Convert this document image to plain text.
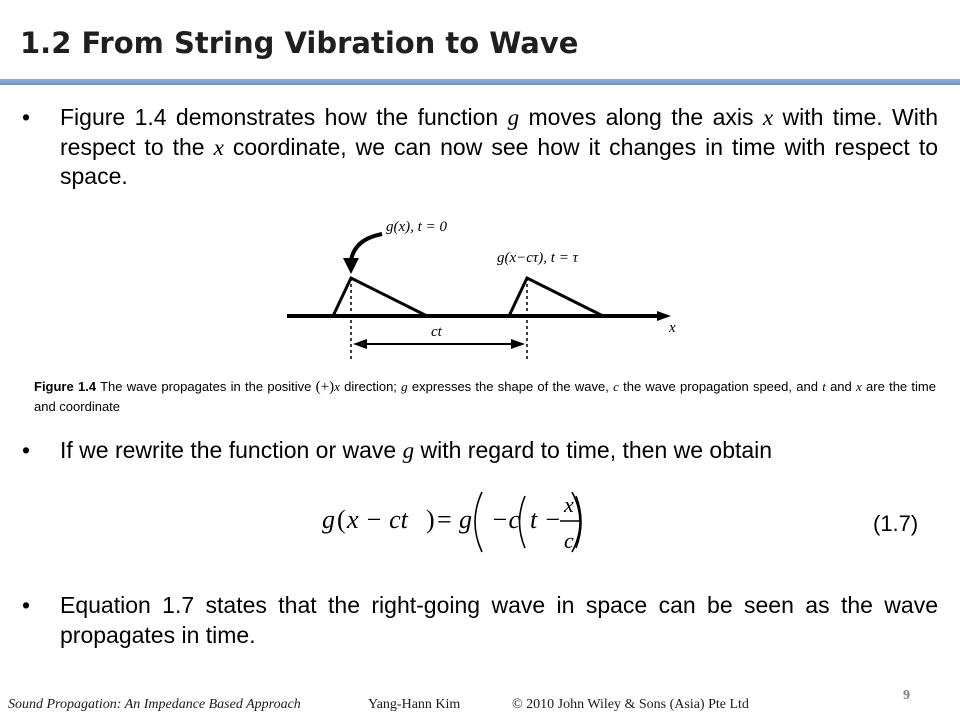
1.2 From String Vibration to Wave
• Figure 1.4 demonstrates how the function g moves along the axis x with time. With respect to the x coordinate, we can now see how it changes in time with respect to space.
x
g(x), t = 0
g(x−cτ), t = τ
ct
Figure 1.4 The wave propagates in the positive (+)x direction; g expresses the shape of the wave, c the wave propagation speed, and t and x are the time and coordinate
• If we rewrite the function or wave g with regard to time, then we obtain
g ( x − ct ) = g −c t −
x
c
(1.7)
• Equation 1.7 states that the right-going wave in space can be seen as the wave propagates in time.
Sound Propagation: An Impedance Based Approach	Yang-Hann Kim	© 2010 John Wiley & Sons (Asia) Pte Ltd
9
